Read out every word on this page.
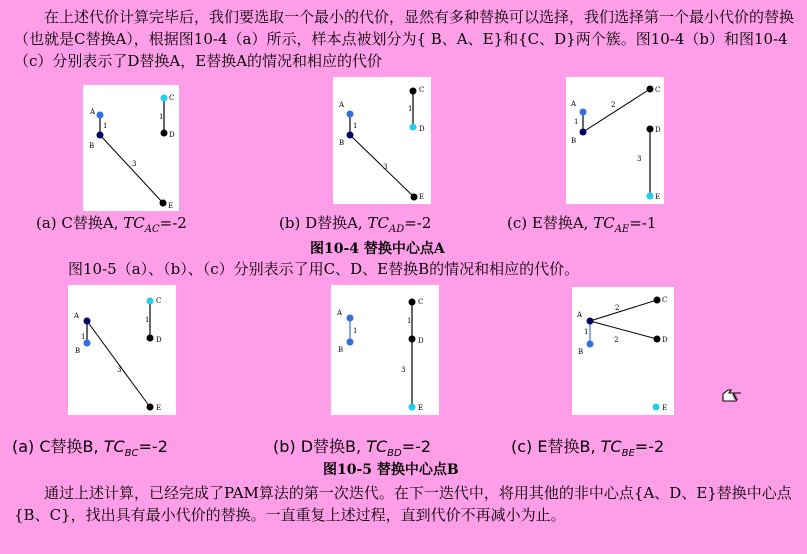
在上述代价计算完毕后，我们要选取一个最小的代价，显然有多种替换可以选择，我们选择第一个最小代价的替换（也就是C替换A），根据图10-4（a）所示，样本点被划分为{ B、A、E}和{C、D}两个簇。图10-4（b）和图10-4（c）分别表示了D替换A，E替换A的情况和相应的代价

A
B
C
D
E
1
1
3
A
B
C
D
E
1
1
3
A
B
C
D
E
1
2
3
(a) C替换A, $TC_{AC}=-2$	(b) D替换A, $TC_{AD}=-2$	(c) E替换A, $TC_{AE}=-1$
图10-4 替换中心点A

图10-5（a）、（b）、（c）分别表示了用C、D、E替换B的情况和相应的代价。

A
B
C
D
E
1
1
3
A
B
C
D
E
1
1
3
A
B
C
D
E
1
2
2
(a) C替换B, $TC_{BC}=-2$	(b) D替换B, $TC_{BD}=-2$	(c) E替换B, $TC_{BE}=-2$
图10-5 替换中心点B

通过上述计算，已经完成了PAM算法的第一次迭代。在下一迭代中，将用其他的非中心点{A、D、E}替换中心点{B、C}，找出具有最小代价的替换。一直重复上述过程，直到代价不再减小为止。
